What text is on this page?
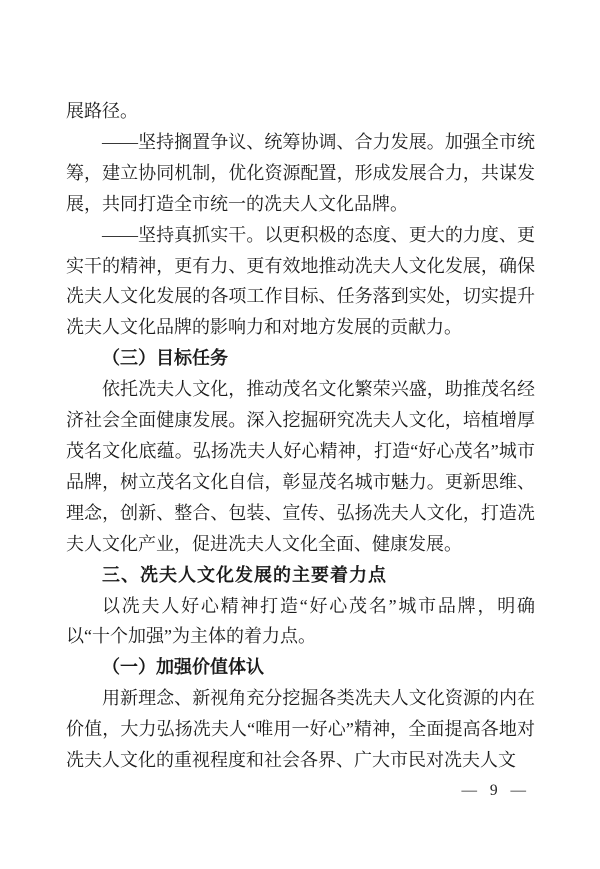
展路径。

——坚持搁置争议、统筹协调、合力发展。加强全市统筹，建立协同机制，优化资源配置，形成发展合力，共谋发展，共同打造全市统一的冼夫人文化品牌。

——坚持真抓实干。以更积极的态度、更大的力度、更实干的精神，更有力、更有效地推动冼夫人文化发展，确保冼夫人文化发展的各项工作目标、任务落到实处，切实提升冼夫人文化品牌的影响力和对地方发展的贡献力。

（三）目标任务

依托冼夫人文化，推动茂名文化繁荣兴盛，助推茂名经济社会全面健康发展。深入挖掘研究冼夫人文化，培植增厚茂名文化底蕴。弘扬冼夫人好心精神，打造“好心茂名”城市品牌，树立茂名文化自信，彰显茂名城市魅力。更新思维、理念，创新、整合、包装、宣传、弘扬冼夫人文化，打造冼夫人文化产业，促进冼夫人文化全面、健康发展。

三、冼夫人文化发展的主要着力点

以冼夫人好心精神打造“好心茂名”城市品牌，明确以“十个加强”为主体的着力点。

（一）加强价值体认

用新理念、新视角充分挖掘各类冼夫人文化资源的内在价值，大力弘扬冼夫人“唯用一好心”精神，全面提高各地对冼夫人文化的重视程度和社会各界、广大市民对冼夫人文

— 9 —
